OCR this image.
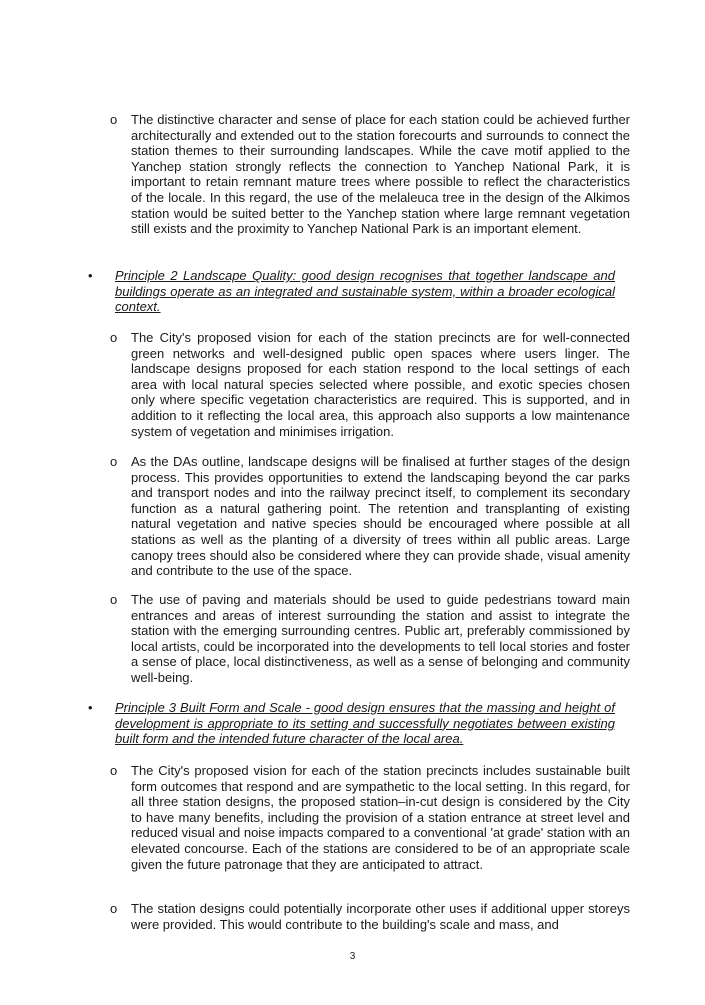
o The distinctive character and sense of place for each station could be achieved further architecturally and extended out to the station forecourts and surrounds to connect the station themes to their surrounding landscapes. While the cave motif applied to the Yanchep station strongly reflects the connection to Yanchep National Park, it is important to retain remnant mature trees where possible to reflect the characteristics of the locale. In this regard, the use of the melaleuca tree in the design of the Alkimos station would be suited better to the Yanchep station where large remnant vegetation still exists and the proximity to Yanchep National Park is an important element.
• Principle 2 Landscape Quality: good design recognises that together landscape and buildings operate as an integrated and sustainable system, within a broader ecological context.
o The City's proposed vision for each of the station precincts are for well-connected green networks and well-designed public open spaces where users linger. The landscape designs proposed for each station respond to the local settings of each area with local natural species selected where possible, and exotic species chosen only where specific vegetation characteristics are required. This is supported, and in addition to it reflecting the local area, this approach also supports a low maintenance system of vegetation and minimises irrigation.
o As the DAs outline, landscape designs will be finalised at further stages of the design process. This provides opportunities to extend the landscaping beyond the car parks and transport nodes and into the railway precinct itself, to complement its secondary function as a natural gathering point. The retention and transplanting of existing natural vegetation and native species should be encouraged where possible at all stations as well as the planting of a diversity of trees within all public areas. Large canopy trees should also be considered where they can provide shade, visual amenity and contribute to the use of the space.
o The use of paving and materials should be used to guide pedestrians toward main entrances and areas of interest surrounding the station and assist to integrate the station with the emerging surrounding centres. Public art, preferably commissioned by local artists, could be incorporated into the developments to tell local stories and foster a sense of place, local distinctiveness, as well as a sense of belonging and community well-being.
• Principle 3 Built Form and Scale - good design ensures that the massing and height of development is appropriate to its setting and successfully negotiates between existing built form and the intended future character of the local area.
o The City's proposed vision for each of the station precincts includes sustainable built form outcomes that respond and are sympathetic to the local setting. In this regard, for all three station designs, the proposed station–in-cut design is considered by the City to have many benefits, including the provision of a station entrance at street level and reduced visual and noise impacts compared to a conventional 'at grade' station with an elevated concourse. Each of the stations are considered to be of an appropriate scale given the future patronage that they are anticipated to attract.
o The station designs could potentially incorporate other uses if additional upper storeys were provided. This would contribute to the building's scale and mass, and
3
